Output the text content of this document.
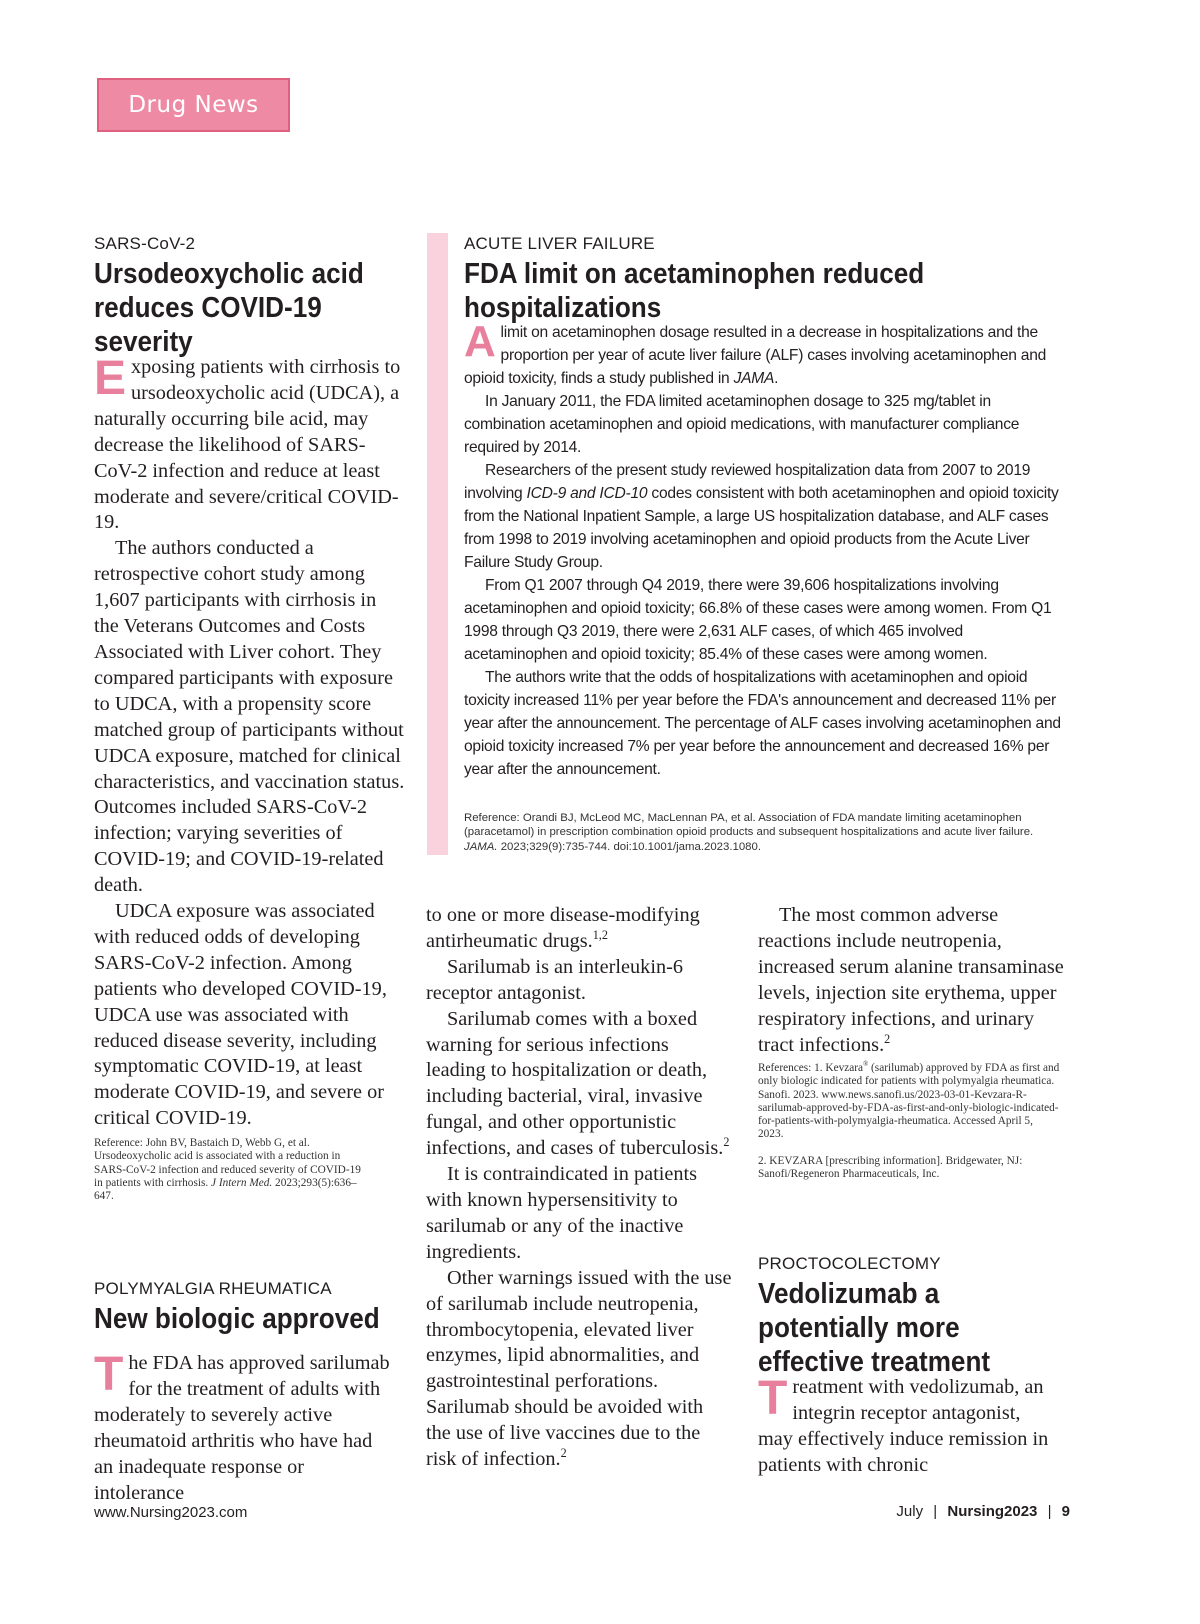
Drug News
SARS-CoV-2
Ursodeoxycholic acid
reduces COVID-19
severity

Exposing patients with cirrhosis to ursodeoxycholic acid (UDCA), a naturally occurring bile acid, may decrease the likelihood of SARS-CoV-2 infection and reduce at least moderate and severe/critical COVID-19.

The authors conducted a retrospective cohort study among 1,607 participants with cirrhosis in the Veterans Outcomes and Costs Associated with Liver cohort. They compared participants with exposure to UDCA, with a propensity score matched group of participants without UDCA exposure, matched for clinical characteristics, and vaccination status. Outcomes included SARS-CoV-2 infection; varying severities of COVID-19; and COVID-19-related death.

UDCA exposure was associated with reduced odds of developing SARS-CoV-2 infection. Among patients who developed COVID-19, UDCA use was associated with reduced disease severity, including symptomatic COVID-19, at least moderate COVID-19, and severe or critical COVID-19.

Reference: John BV, Bastaich D, Webb G, et al. Ursodeoxycholic acid is associated with a reduction in SARS-CoV-2 infection and reduced severity of COVID-19 in patients with cirrhosis. J Intern Med. 2023;293(5):636–647.
ACUTE LIVER FAILURE
FDA limit on acetaminophen reduced
hospitalizations

Alimit on acetaminophen dosage resulted in a decrease in hospitalizations and the proportion per year of acute liver failure (ALF) cases involving acetaminophen and opioid toxicity, finds a study published in JAMA.

In January 2011, the FDA limited acetaminophen dosage to 325 mg/tablet in combination acetaminophen and opioid medications, with manufacturer compliance required by 2014.

Researchers of the present study reviewed hospitalization data from 2007 to 2019 involving ICD-9 and ICD-10 codes consistent with both acetaminophen and opioid toxicity from the National Inpatient Sample, a large US hospitalization database, and ALF cases from 1998 to 2019 involving acetaminophen and opioid products from the Acute Liver Failure Study Group.

From Q1 2007 through Q4 2019, there were 39,606 hospitalizations involving acetaminophen and opioid toxicity; 66.8% of these cases were among women. From Q1 1998 through Q3 2019, there were 2,631 ALF cases, of which 465 involved acetaminophen and opioid toxicity; 85.4% of these cases were among women.

The authors write that the odds of hospitalizations with acetaminophen and opioid toxicity increased 11% per year before the FDA's announcement and decreased 11% per year after the announcement. The percentage of ALF cases involving acetaminophen and opioid toxicity increased 7% per year before the announcement and decreased 16% per year after the announcement.

Reference: Orandi BJ, McLeod MC, MacLennan PA, et al. Association of FDA mandate limiting acetaminophen (paracetamol) in prescription combination opioid products and subsequent hospitalizations and acute liver failure. JAMA. 2023;329(9):735-744. doi:10.1001/jama.2023.1080.
POLYMYALGIA RHEUMATICA
New biologic approved

The FDA has approved sarilumab for the treatment of adults with moderately to severely active rheumatoid arthritis who have had an inadequate response or intolerance

to one or more disease-modifying antirheumatic drugs.$^{1,2}$

Sarilumab is an interleukin-6 receptor antagonist.

Sarilumab comes with a boxed warning for serious infections leading to hospitalization or death, including bacterial, viral, invasive fungal, and other opportunistic infections, and cases of tuberculosis.$^2$

It is contraindicated in patients with known hypersensitivity to sarilumab or any of the inactive ingredients.

Other warnings issued with the use of sarilumab include neutropenia, thrombocytopenia, elevated liver enzymes, lipid abnormalities, and gastrointestinal perforations. Sarilumab should be avoided with the use of live vaccines due to the risk of infection.$^2$

The most common adverse reactions include neutropenia, increased serum alanine transaminase levels, injection site erythema, upper respiratory infections, and urinary tract infections.$^2$

References: 1. Kevzara® (sarilumab) approved by FDA as first and only biologic indicated for patients with polymyalgia rheumatica. Sanofi. 2023. www.news.sanofi.us/2023-03-01-Kevzara-R-sarilumab-approved-by-FDA-as-first-and-only-biologic-indicated-for-patients-with-polymyalgia-rheumatica. Accessed April 5, 2023.

2. KEVZARA [prescribing information]. Bridgewater, NJ: Sanofi/Regeneron Pharmaceuticals, Inc.

PROCTOCOLECTOMY
Vedolizumab a
potentially more
effective treatment

Treatment with vedolizumab, an integrin receptor antagonist, may effectively induce remission in patients with chronic

www.Nursing2023.com	July | Nursing2023 | 9
